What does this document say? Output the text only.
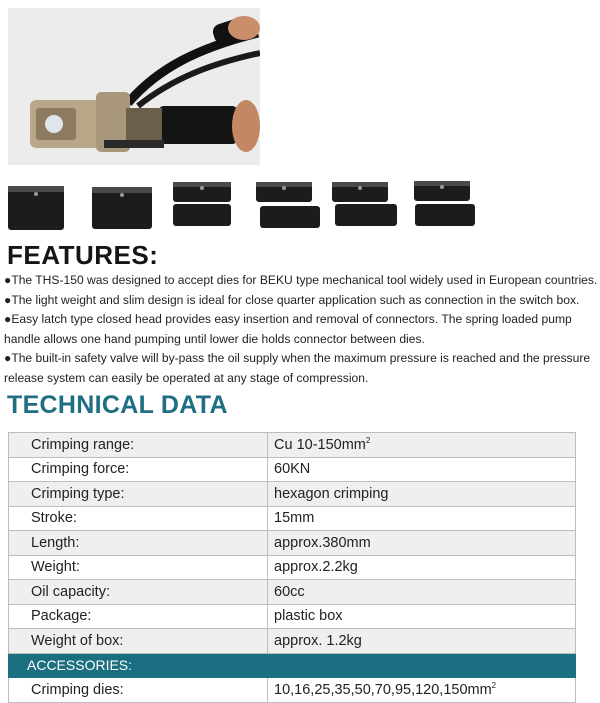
FEATURES:

●The THS-150 was designed to accept dies for BEKU type mechanical tool widely used in European countries.

●The light weight and slim design is ideal for close quarter application such as connection in the switch box.

●Easy latch type closed head provides easy insertion and removal of connectors. The spring loaded pump handle allows one hand pumping until lower die holds connector between dies.

●The built-in safety valve will by-pass the oil supply when the maximum pressure is reached and the pressure release system can easily be operated at any stage of compression.

TECHNICAL DATA
Crimping range:	Cu $10-150mm^2$
Crimping force:	60KN
Crimping type:	hexagon crimping
Stroke:	15mm
Length:	approx.380mm
Weight:	approx.2.2kg
Oil capacity:	60cc
Package:	plastic box
Weight of box:	approx. 1.2kg
ACCESSORIES:	
Crimping dies:	$10,16,25,35,50,70,95,120,150mm^2$
